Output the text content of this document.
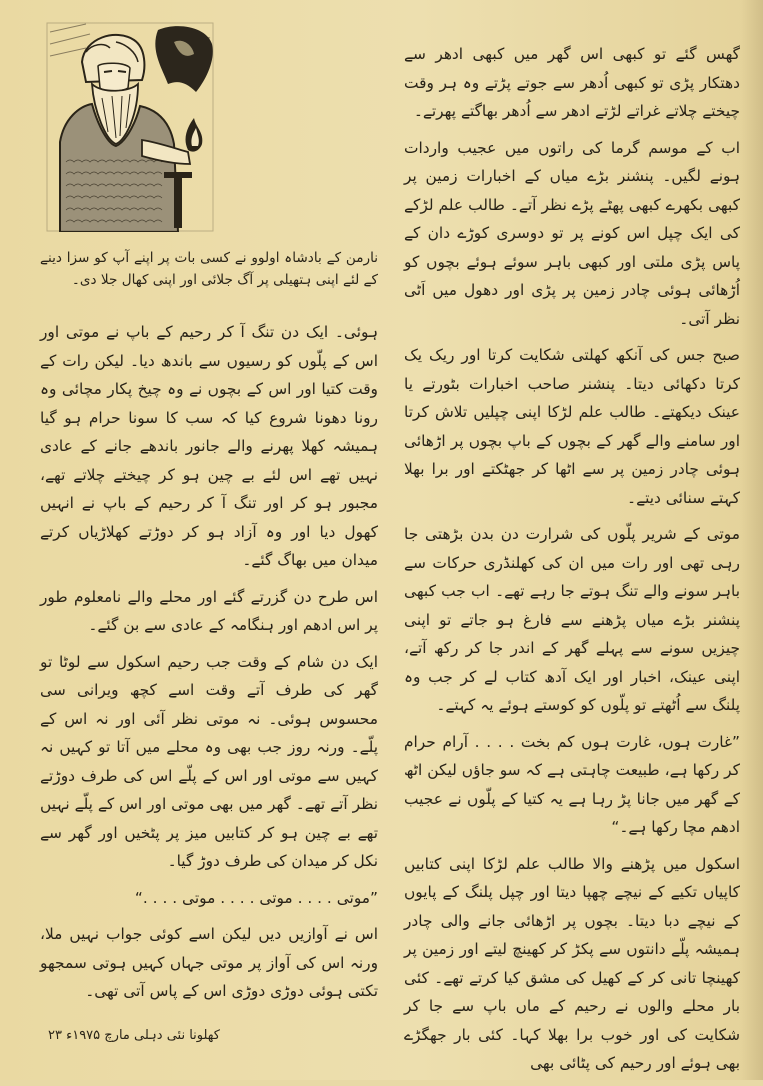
نارمن کے بادشاہ اولوو نے کسی بات پر اپنے آپ کو سزا دینے کے لئے اپنی ہتھیلی پر آگ جلائی اور اپنی کھال جلا دی۔

گھس گئے تو کبھی اس گھر میں کبھی ادھر سے دھتکار پڑی تو کبھی اُدھر سے جوتے پڑتے وہ ہر وقت چیختے چلاتے غراتے لڑتے ادھر سے اُدھر بھاگتے پھرتے۔

اب کے موسم گرما کی راتوں میں عجیب واردات ہونے لگیں۔ پنشنر بڑے میاں کے اخبارات زمین پر کبھی بکھرے کبھی پھٹے پڑے نظر آتے۔ طالب علم لڑکے کی ایک چپل اس کونے پر تو دوسری کوڑے دان کے پاس پڑی ملتی اور کبھی باہر سوئے ہوئے بچوں کو اُڑھائی ہوئی چادر زمین پر پڑی اور دھول میں اَٹی نظر آتی۔

صبح جس کی آنکھ کھلتی شکایت کرتا اور ریک یک کرتا دکھائی دیتا۔ پنشنر صاحب اخبارات بٹورتے یا عینک دیکھتے۔ طالب علم لڑکا اپنی چپلیں تلاش کرتا اور سامنے والے گھر کے بچوں کے باپ بچوں پر اڑھائی ہوئی چادر زمین پر سے اٹھا کر جھٹکتے اور برا بھلا کہتے سنائی دیتے۔

موتی کے شریر پلّوں کی شرارت دن بدن بڑھتی جا رہی تھی اور رات میں ان کی کھلنڈری حرکات سے باہر سونے والے تنگ ہوتے جا رہے تھے۔ اب جب کبھی پنشنر بڑے میاں پڑھنے سے فارغ ہو جاتے تو اپنی چیزیں سونے سے پہلے گھر کے اندر جا کر رکھ آتے، اپنی عینک، اخبار اور ایک آدھ کتاب لے کر جب وہ پلنگ سے اُٹھتے تو پلّوں کو کوستے ہوئے یہ کہتے۔

”غارت ہوں، غارت ہوں کم بخت . . . . آرام حرام کر رکھا ہے، طبیعت چاہتی ہے کہ سو جاؤں لیکن اٹھ کے گھر میں جانا پڑ رہا ہے یہ کتیا کے پلّوں نے عجیب ادھم مچا رکھا ہے۔“

اسکول میں پڑھنے والا طالب علم لڑکا اپنی کتابیں کاپیاں تکیے کے نیچے چھپا دیتا اور چپل پلنگ کے پایوں کے نیچے دبا دیتا۔ بچوں پر اڑھائی جانے والی چادر ہمیشہ پلّے دانتوں سے پکڑ کر کھینچ لیتے اور زمین پر کھینچا تانی کر کے کھیل کی مشق کیا کرتے تھے۔ کئی بار محلے والوں نے رحیم کے ماں باپ سے جا کر شکایت کی اور خوب برا بھلا کہا۔ کئی بار جھگڑے بھی ہوئے اور رحیم کی پٹائی بھی

ہوئی۔ ایک دن تنگ آ کر رحیم کے باپ نے موتی اور اس کے پلّوں کو رسیوں سے باندھ دیا۔ لیکن رات کے وقت کتیا اور اس کے بچوں نے وہ چیخ پکار مچائی وہ رونا دھونا شروع کیا کہ سب کا سونا حرام ہو گیا ہمیشہ کھلا پھرنے والے جانور باندھے جانے کے عادی نہیں تھے اس لئے بے چین ہو کر چیختے چلاتے تھے، مجبور ہو کر اور تنگ آ کر رحیم کے باپ نے انہیں کھول دیا اور وہ آزاد ہو کر دوڑتے کھلاڑیاں کرتے میدان میں بھاگ گئے۔

اس طرح دن گزرتے گئے اور محلے والے نامعلوم طور پر اس ادھم اور ہنگامہ کے عادی سے بن گئے۔

ایک دن شام کے وقت جب رحیم اسکول سے لوٹا تو گھر کی طرف آتے وقت اسے کچھ ویرانی سی محسوس ہوئی۔ نہ موتی نظر آئی اور نہ اس کے پلّے۔ ورنہ روز جب بھی وہ محلے میں آتا تو کہیں نہ کہیں سے موتی اور اس کے پلّے اس کی طرف دوڑتے نظر آتے تھے۔ گھر میں بھی موتی اور اس کے پلّے نہیں تھے بے چین ہو کر کتابیں میز پر پٹخیں اور گھر سے نکل کر میدان کی طرف دوڑ گیا۔

”موتی . . . . موتی . . . . موتی . . . .“

اس نے آوازیں دیں لیکن اسے کوئی جواب نہیں ملا، ورنہ اس کی آواز پر موتی جہاں کہیں ہوتی سمجھو تکتی ہوئی دوڑی دوڑی اس کے پاس آتی تھی۔

کھلونا نئی دہلی مارچ ۱۹۷۵ء ۲۳
